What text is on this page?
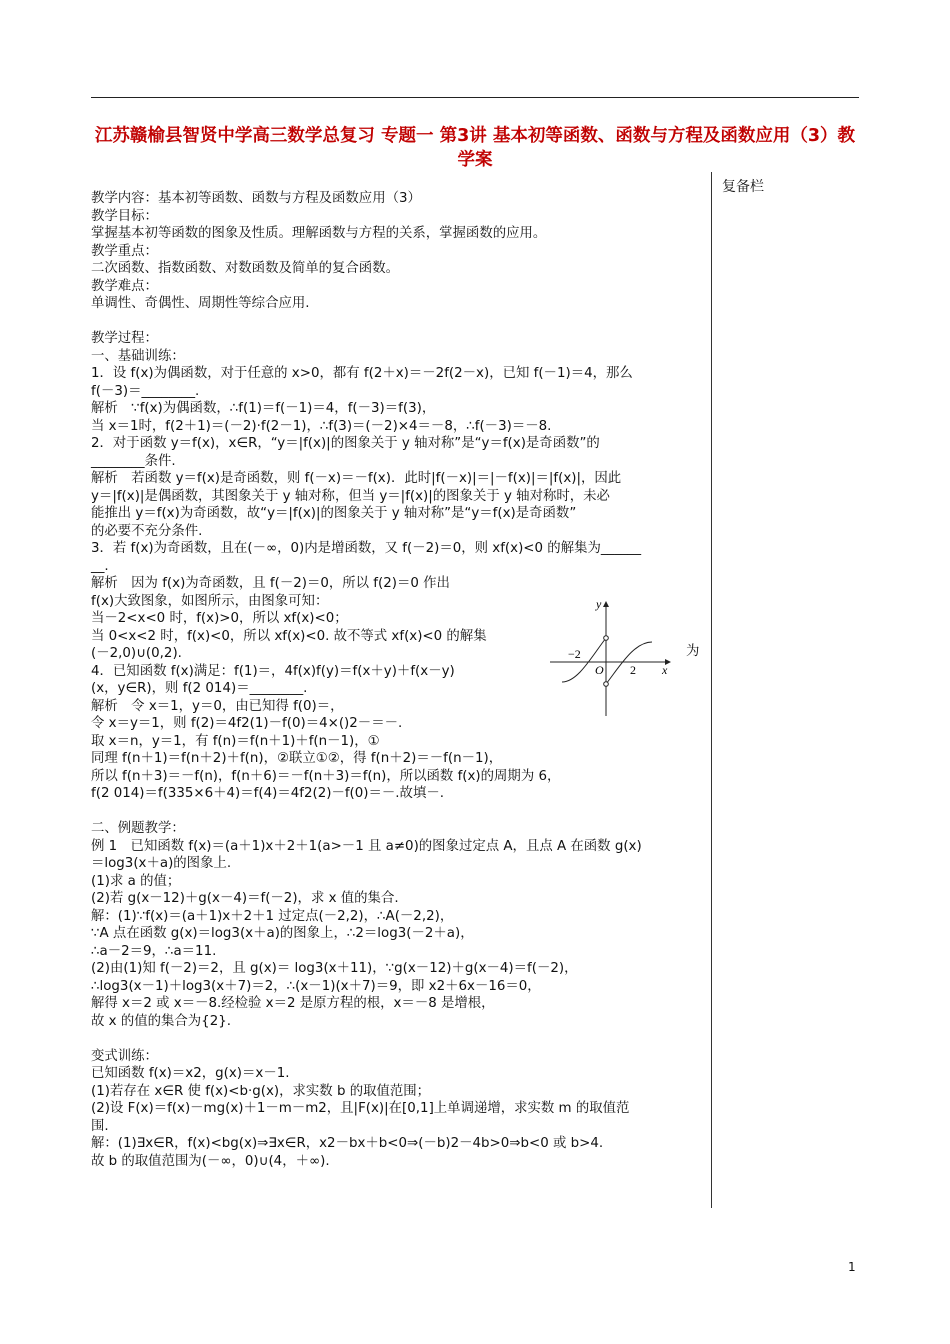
江苏赣榆县智贤中学高三数学总复习 专题一 第3讲 基本初等函数、函数与方程及函数应用（3）教学案
复备栏

教学内容：基本初等函数、函数与方程及函数应用（3）

教学目标：

掌握基本初等函数的图象及性质。理解函数与方程的关系，掌握函数的应用。

教学重点：

二次函数、指数函数、对数函数及简单的复合函数。

教学难点：

单调性、奇偶性、周期性等综合应用.

教学过程：

一、基础训练：

1．设 f(x)为偶函数，对于任意的 x>0，都有 f(2＋x)＝－2f(2－x)，已知 f(－1)＝4，那么

f(－3)＝________.

解析　∵f(x)为偶函数，∴f(1)＝f(－1)＝4，f(－3)＝f(3)，

当 x＝1时，f(2＋1)＝(－2)·f(2－1)，∴f(3)＝(－2)×4＝－8，∴f(－3)＝－8.

2．对于函数 y＝f(x)，x∈R，“y＝|f(x)|的图象关于 y 轴对称”是“y＝f(x)是奇函数”的

________条件.

解析　若函数 y＝f(x)是奇函数，则 f(－x)＝－f(x)．此时|f(－x)|＝|－f(x)|＝|f(x)|，因此

y＝|f(x)|是偶函数，其图象关于 y 轴对称，但当 y＝|f(x)|的图象关于 y 轴对称时，未必

能推出 y＝f(x)为奇函数，故“y＝|f(x)|的图象关于 y 轴对称”是“y＝f(x)是奇函数”

的必要不充分条件.

3．若 f(x)为奇函数，且在(－∞，0)内是增函数，又 f(－2)＝0，则 xf(x)<0 的解集为______

__.

解析　因为 f(x)为奇函数，且 f(－2)＝0，所以 f(2)＝0 作出

f(x)大致图象，如图所示，由图象可知：

当－2<x<0 时，f(x)>0，所以 xf(x)<0；

当 0<x<2 时，f(x)<0，所以 xf(x)<0. 故不等式 xf(x)<0 的解集

(－2,0)∪(0,2).

4．已知函数 f(x)满足：f(1)＝，4f(x)f(y)＝f(x＋y)＋f(x－y)

(x，y∈R)，则 f(2 014)＝________.

解析　令 x＝1，y＝0，由已知得 f(0)＝，

令 x＝y＝1，则 f(2)＝4f2(1)－f(0)＝4×()2－＝－.

取 x＝n，y＝1，有 f(n)＝f(n＋1)＋f(n－1)，①

同理 f(n＋1)＝f(n＋2)＋f(n)，②联立①②，得 f(n＋2)＝－f(n－1)，

所以 f(n＋3)＝－f(n)，f(n＋6)＝－f(n＋3)＝f(n)，所以函数 f(x)的周期为 6，

f(2 014)＝f(335×6＋4)＝f(4)＝4f2(2)－f(0)＝－.故填－.

二、例题教学：

例 1　已知函数 f(x)＝(a＋1)x＋2＋1(a>－1 且 a≠0)的图象过定点 A，且点 A 在函数 g(x)

＝log3(x＋a)的图象上.

(1)求 a 的值；

(2)若 g(x－12)＋g(x－4)＝f(－2)，求 x 值的集合.

解：(1)∵f(x)＝(a＋1)x＋2＋1 过定点(－2,2)，∴A(－2,2)，

∵A 点在函数 g(x)＝log3(x＋a)的图象上，∴2＝log3(－2＋a)，

∴a－2＝9，∴a＝11.

(2)由(1)知 f(－2)＝2，且 g(x)＝ log3(x＋11)，∵g(x－12)＋g(x－4)＝f(－2)，

∴log3(x－1)＋log3(x＋7)＝2，∴(x－1)(x＋7)＝9，即 x2＋6x－16＝0，

解得 x＝2 或 x＝－8.经检验 x＝2 是原方程的根，x＝－8 是增根，

故 x 的值的集合为{2}.

变式训练：

已知函数 f(x)＝x2，g(x)＝x－1.

(1)若存在 x∈R 使 f(x)<b·g(x)，求实数 b 的取值范围；

(2)设 F(x)＝f(x)－mg(x)＋1－m－m2，且|F(x)|在[0,1]上单调递增，求实数 m 的取值范

围.

解：(1)∃x∈R，f(x)<bg(x)⇒∃x∈R，x2－bx＋b<0⇒(－b)2－4b>0⇒b<0 或 b>4.

故 b 的取值范围为(－∞，0)∪(4，＋∞).

y
x
O
−2
2
为
1
